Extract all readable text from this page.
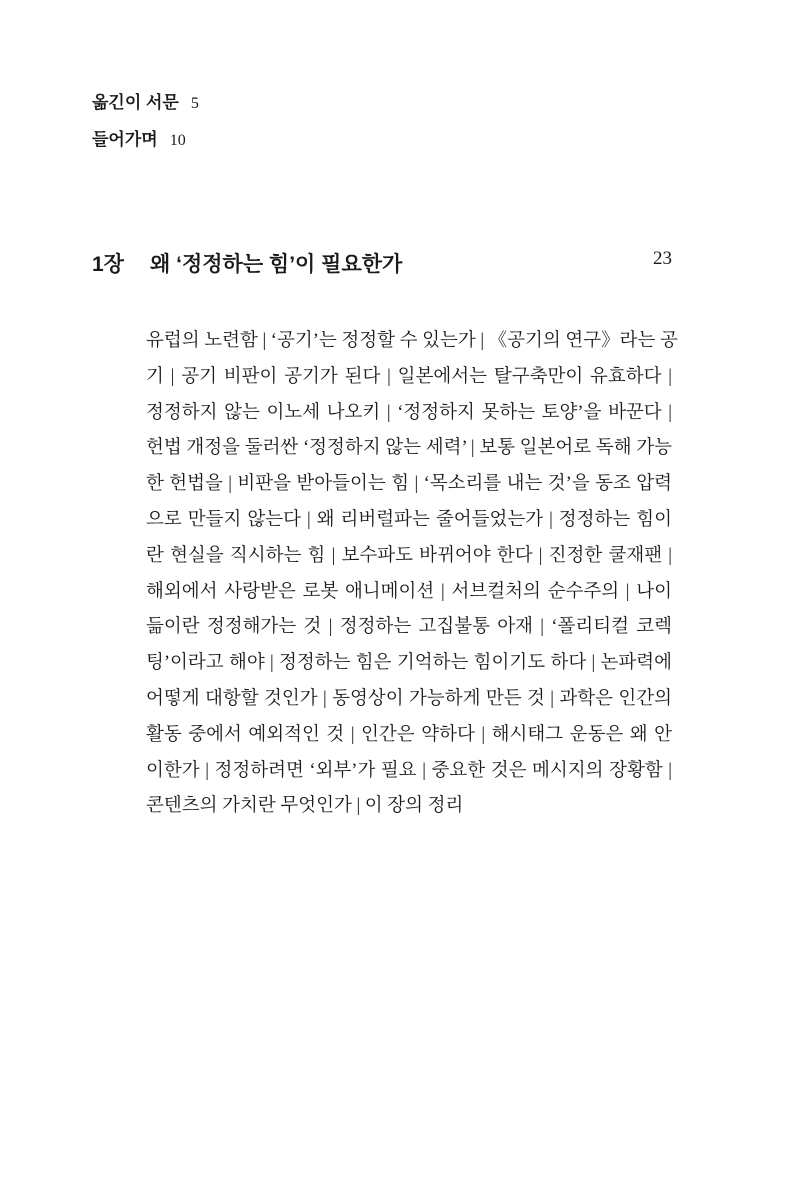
옮긴이 서문 5
들어가며 10
1장 왜 ‘정정하는 힘’이 필요한가	23
유럽의 노련함 | ‘공기’는 정정할 수 있는가 | 《공기의 연구》라는 공
기 | 공기 비판이 공기가 된다 | 일본에서는 탈구축만이 유효하다 |
정정하지 않는 이노세 나오키 | ‘정정하지 못하는 토양’을 바꾼다 |
헌법 개정을 둘러싼 ‘정정하지 않는 세력’ | 보통 일본어로 독해 가능
한 헌법을 | 비판을 받아들이는 힘 | ‘목소리를 내는 것’을 동조 압력
으로 만들지 않는다 | 왜 리버럴파는 줄어들었는가 | 정정하는 힘이
란 현실을 직시하는 힘 | 보수파도 바뀌어야 한다 | 진정한 쿨재팬 |
해외에서 사랑받은 로봇 애니메이션 | 서브컬처의 순수주의 | 나이
듦이란 정정해가는 것 | 정정하는 고집불통 아재 | ‘폴리티컬 코렉
팅’이라고 해야 | 정정하는 힘은 기억하는 힘이기도 하다 | 논파력에
어떻게 대항할 것인가 | 동영상이 가능하게 만든 것 | 과학은 인간의
활동 중에서 예외적인 것 | 인간은 약하다 | 해시태그 운동은 왜 안
이한가 | 정정하려면 ‘외부’가 필요 | 중요한 것은 메시지의 장황함 |
콘텐츠의 가치란 무엇인가 | 이 장의 정리
